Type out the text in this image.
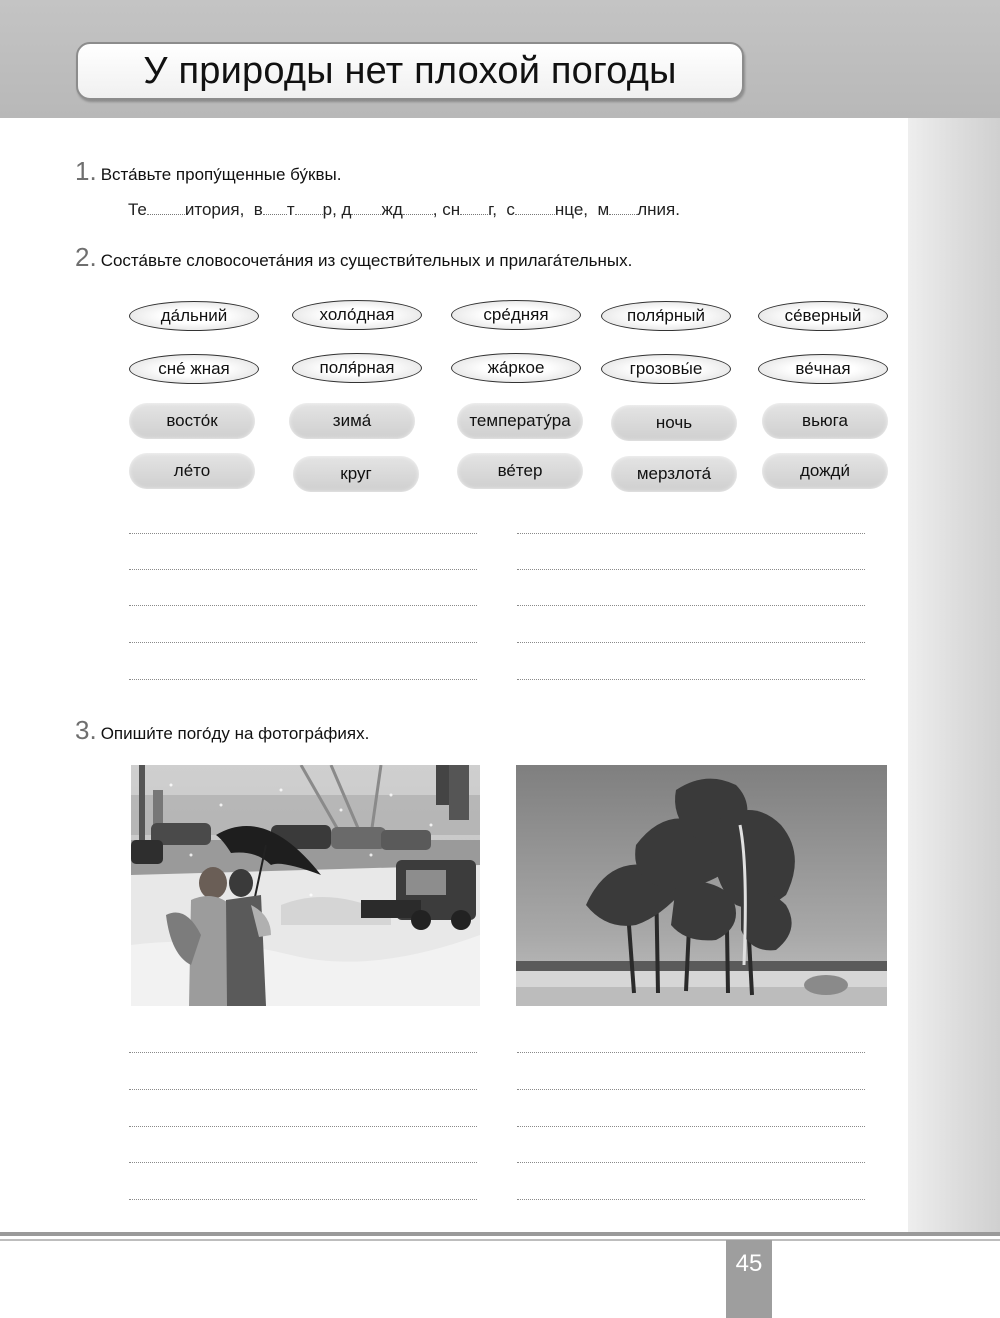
У природы нет плохой погоды
1. Вста́вьте пропу́щенные бу́квы.
Те итория, в т р, д жд , сн г, с нце, м лния.
2. Соста́вьте словосочета́ния из существи́тельных и прилага́тельных.
да́льний	холо́дная	сре́дняя	поля́рный	се́верный
снé жная	поля́рная	жа́ркое	грозовы́е	ве́чная
восто́к	зима́	температу́ра	ночь	вьюга
ле́то	круг	ве́тер	мерзлота́	дожди́
3. Опиши́те пого́ду на фотогра́фиях.
45
